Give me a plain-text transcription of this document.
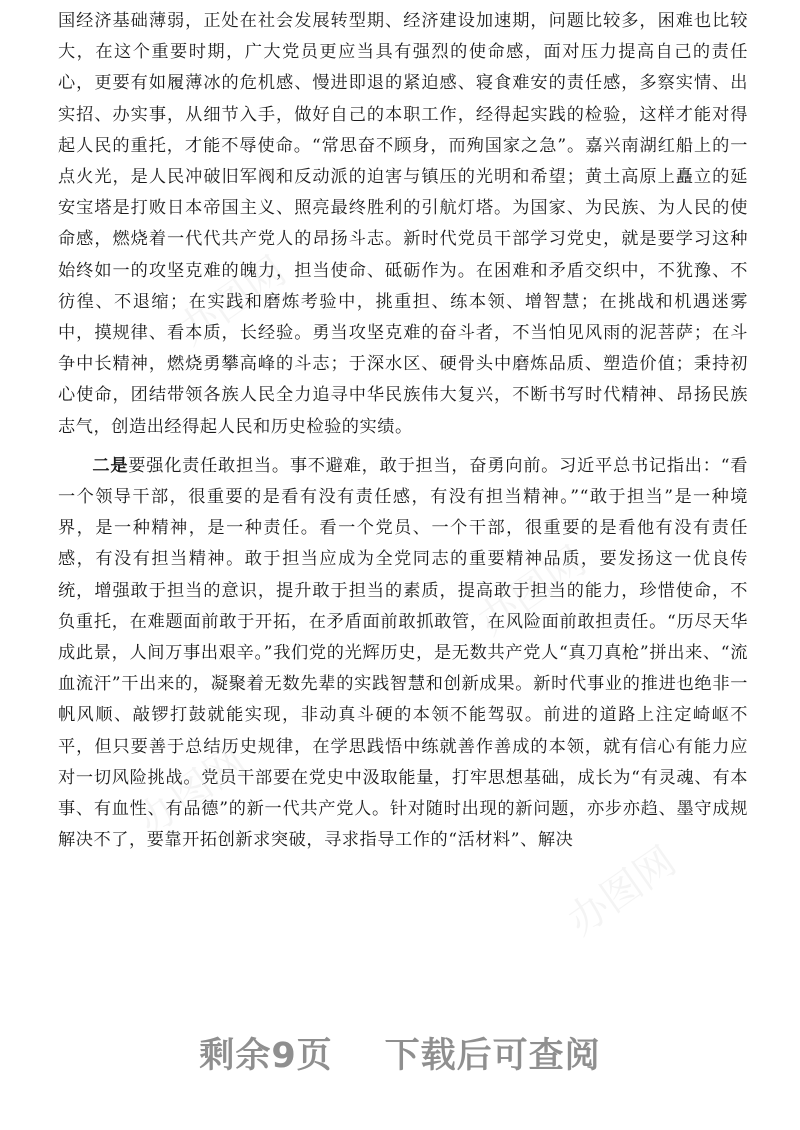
国经济基础薄弱，正处在社会发展转型期、经济建设加速期，问题比较多，困难也比较大，在这个重要时期，广大党员更应当具有强烈的使命感，面对压力提高自己的责任心，更要有如履薄冰的危机感、慢进即退的紧迫感、寝食难安的责任感，多察实情、出实招、办实事，从细节入手，做好自己的本职工作，经得起实践的检验，这样才能对得起人民的重托，才能不辱使命。“常思奋不顾身，而殉国家之急”。嘉兴南湖红船上的一点火光，是人民冲破旧军阀和反动派的迫害与镇压的光明和希望；黄土高原上矗立的延安宝塔是打败日本帝国主义、照亮最终胜利的引航灯塔。为国家、为民族、为人民的使命感，燃烧着一代代共产党人的昂扬斗志。新时代党员干部学习党史，就是要学习这种始终如一的攻坚克难的魄力，担当使命、砥砺作为。在困难和矛盾交织中，不犹豫、不彷徨、不退缩；在实践和磨炼考验中，挑重担、练本领、增智慧；在挑战和机遇迷雾中，摸规律、看本质，长经验。勇当攻坚克难的奋斗者，不当怕见风雨的泥菩萨；在斗争中长精神，燃烧勇攀高峰的斗志；于深水区、硬骨头中磨炼品质、塑造价值；秉持初心使命，团结带领各族人民全力追寻中华民族伟大复兴，不断书写时代精神、昂扬民族志气，创造出经得起人民和历史检验的实绩。

二是要强化责任敢担当。事不避难，敢于担当，奋勇向前。习近平总书记指出：“看一个领导干部，很重要的是看有没有责任感，有没有担当精神。”“敢于担当”是一种境界，是一种精神，是一种责任。看一个党员、一个干部，很重要的是看他有没有责任感，有没有担当精神。敢于担当应成为全党同志的重要精神品质，要发扬这一优良传统，增强敢于担当的意识，提升敢于担当的素质，提高敢于担当的能力，珍惜使命，不负重托，在难题面前敢于开拓，在矛盾面前敢抓敢管，在风险面前敢担责任。“历尽天华成此景，人间万事出艰辛。”我们党的光辉历史，是无数共产党人“真刀真枪”拼出来、“流血流汗”干出来的，凝聚着无数先辈的实践智慧和创新成果。新时代事业的推进也绝非一帆风顺、敲锣打鼓就能实现，非动真斗硬的本领不能驾驭。前进的道路上注定崎岖不平，但只要善于总结历史规律，在学思践悟中练就善作善成的本领，就有信心有能力应对一切风险挑战。党员干部要在党史中汲取能量，打牢思想基础，成长为“有灵魂、有本事、有血性、有品德”的新一代共产党人。针对随时出现的新问题，亦步亦趋、墨守成规解决不了，要靠开拓创新求突破，寻求指导工作的“活材料”、解决

办图网
办图网
办图网
办图网
剩余9页 下载后可查阅
